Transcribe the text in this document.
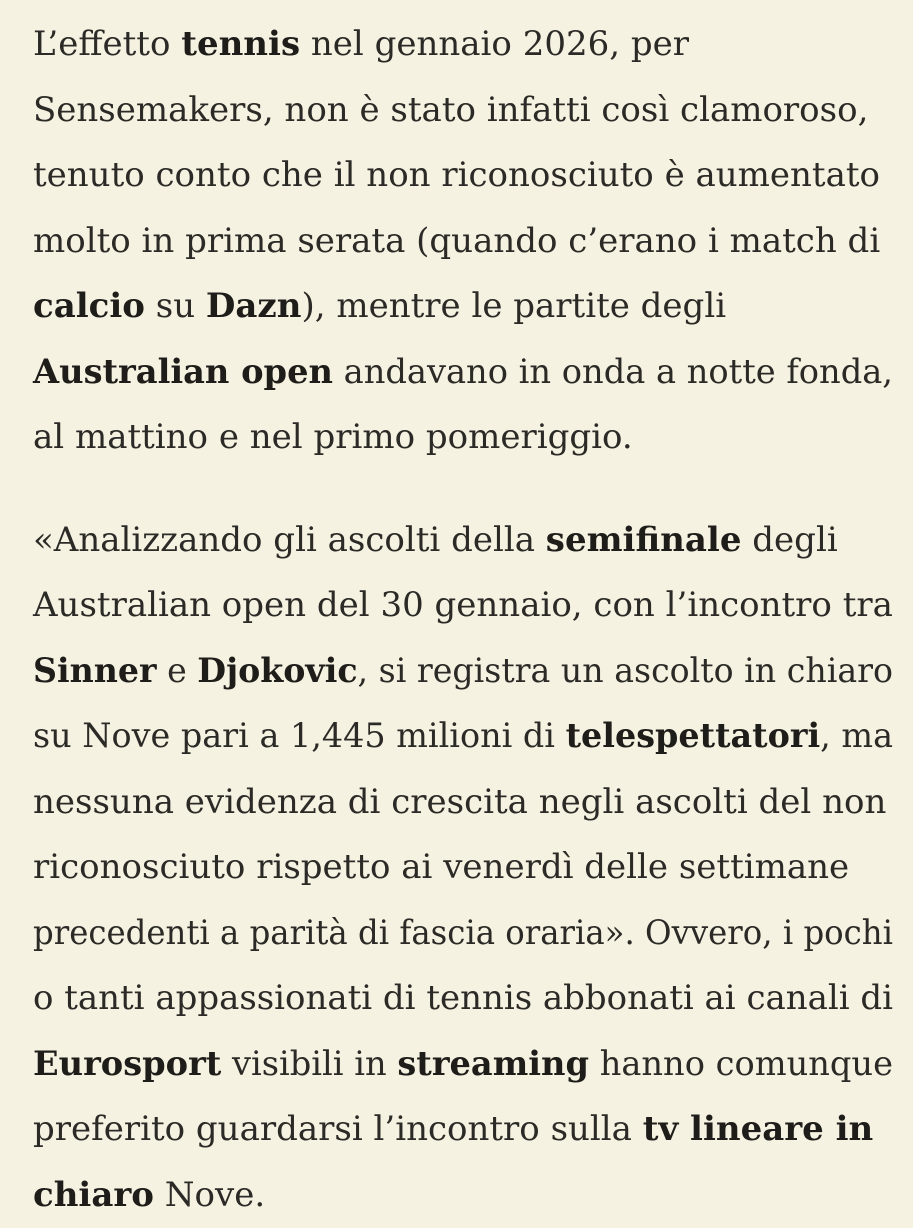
L’effetto tennis nel gennaio 2026, per
Sensemakers, non è stato infatti così clamoroso,
tenuto conto che il non riconosciuto è aumentato
molto in prima serata (quando c’erano i match di
calcio su Dazn), mentre le partite degli
Australian open andavano in onda a notte fonda,
al mattino e nel primo pomeriggio.

«Analizzando gli ascolti della semifinale degli
Australian open del 30 gennaio, con l’incontro tra
Sinner e Djokovic, si registra un ascolto in chiaro
su Nove pari a 1,445 milioni di telespettatori, ma
nessuna evidenza di crescita negli ascolti del non
riconosciuto rispetto ai venerdì delle settimane
precedenti a parità di fascia oraria». Ovvero, i pochi
o tanti appassionati di tennis abbonati ai canali di
Eurosport visibili in streaming hanno comunque
preferito guardarsi l’incontro sulla tv lineare in
chiaro Nove.
